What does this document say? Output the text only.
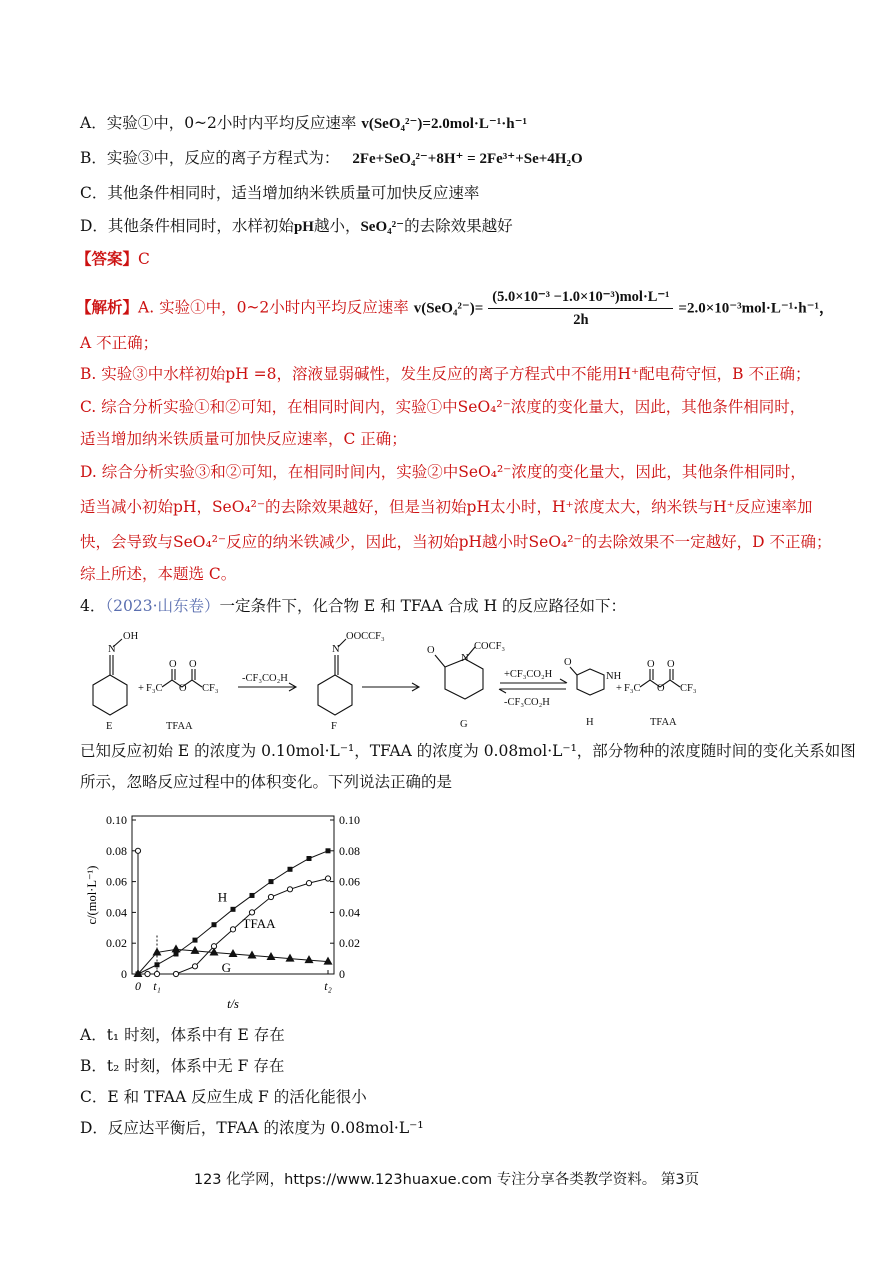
A．实验①中，0~2小时内平均反应速率 v(SeO₄²⁻)=2.0mol·L⁻¹·h⁻¹
B．实验③中，反应的离子方程式为： 2Fe+SeO₄²⁻+8H⁺ = 2Fe³⁺+Se+4H₂O
C．其他条件相同时，适当增加纳米铁质量可加快反应速率
D．其他条件相同时，水样初始pH越小，SeO₄²⁻的去除效果越好
【答案】C
【解析】A. 实验①中，0~2小时内平均反应速率 $v(SeO_4^{2-})= \frac{\text{(5.0×10⁻³ −1.0×10⁻³)mol·L⁻¹}}{2h} =2.0\times 10^{-3}mol\cdot L^{-1}\cdot h^{-1}$，
A 不正确；
B. 实验③中水样初始pH =8，溶液显弱碱性，发生反应的离子方程式中不能用H⁺配电荷守恒，B 不正确；
C. 综合分析实验①和②可知，在相同时间内，实验①中SeO₄²⁻浓度的变化量大，因此，其他条件相同时，
适当增加纳米铁质量可加快反应速率，C 正确；
D. 综合分析实验③和②可知，在相同时间内，实验②中SeO₄²⁻浓度的变化量大，因此，其他条件相同时，
适当减小初始pH，SeO₄²⁻的去除效果越好，但是当初始pH太小时，H⁺浓度太大，纳米铁与H⁺反应速率加
快，会导致与SeO₄²⁻反应的纳米铁减少，因此，当初始pH越小时SeO₄²⁻的去除效果不一定越好，D 不正确；
综上所述，本题选 C。
4．（2023·山东卷）一定条件下，化合物 E 和 TFAA 合成 H 的反应路径如下：
N
OH
E
+ F₃C
O
O
O
CF₃
TFAA
-CF₃CO₂H
N
OOCCF₃
F
O
N
COCF₃
G
+CF₃CO₂H
-CF₃CO₂H
O
NH
H
+ F₃C
O
O
O
CF₃
TFAA
已知反应初始 E 的浓度为 0.10mol·L⁻¹，TFAA 的浓度为 0.08mol·L⁻¹，部分物种的浓度随时间的变化关系如图
所示，忽略反应过程中的体积变化。下列说法正确的是
0	0
0.02	0.02
0.04	0.04
0.06	0.06
0.08	0.08
0.10	0.10
0 t₁	t₂
t/s
c/(mol·L⁻¹)	H
TFAA
G
A．t₁ 时刻，体系中有 E 存在
B．t₂ 时刻，体系中无 F 存在
C．E 和 TFAA 反应生成 F 的活化能很小
D．反应达平衡后，TFAA 的浓度为 0.08mol·L⁻¹
123 化学网，https://www.123huaxue.com 专注分享各类教学资料。 第3页
